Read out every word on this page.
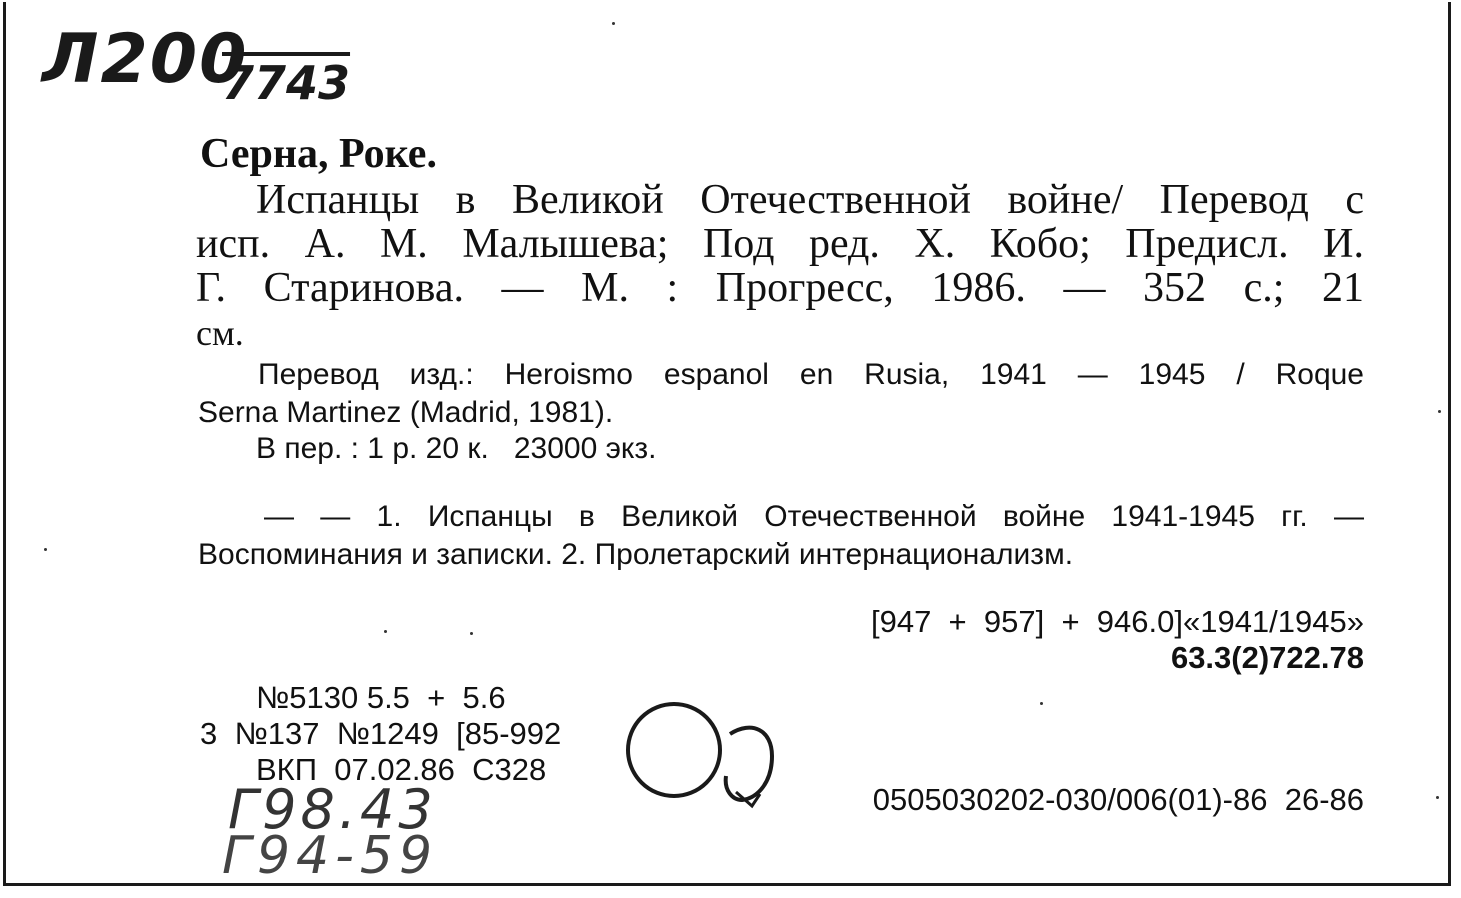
Л200
7743
Серна, Роке.
Испанцы в Великой Отечественной войне/ Перевод с
исп. А. М. Малышева; Под ред. Х. Кобо; Предисл. И.
Г. Старинова. — М. : Прогресс, 1986. — 352 с.; 21
см.
Перевод изд.: Heroismo espanol en Rusia, 1941 — 1945 / Roque
Serna Martinez (Madrid, 1981).
В пер. : 1 р. 20 к.   23000 экз.
— — 1. Испанцы в Великой Отечественной войне 1941-1945 гг. —
Воспоминания и записки. 2. Пролетарский интернационализм.
[947  +  957]  +  946.0]«1941/1945»
63.3(2)722.78
№5130 5.5  +  5.6
3  №137  №1249  [85-992
ВКП  07.02.86  С328
0505030202-030/006(01)-86  26-86
Г98.43
Г94-59
